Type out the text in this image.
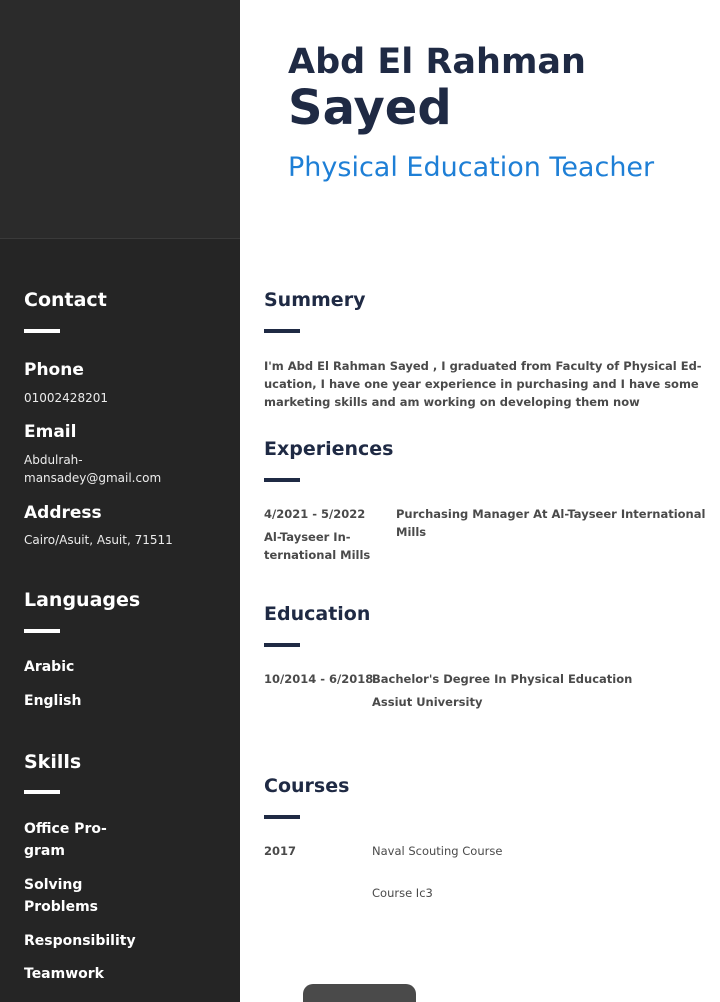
Contact
Phone
01002428201
Email
Abdulrah-
mansadey@gmail.com
Address
Cairo/Asuit, Asuit, 71511
Languages
Arabic
English
Skills
Office Pro-
gram
Solving
Problems
Responsibility
Teamwork
Abd El Rahman
Sayed
Physical Education Teacher
Summery
I'm Abd El Rahman Sayed , I graduated from Faculty of Physical Ed-
ucation, I have one year experience in purchasing and I have some
marketing skills and am working on developing them now
Experiences
4/2021 - 5/2022
Al-Tayseer In-
ternational Mills
Purchasing Manager At Al-Tayseer International
Mills
Education
10/2014 - 6/2018
Bachelor's Degree In Physical Education
Assiut University
Courses
2017	Naval Scouting Course
Course Ic3
